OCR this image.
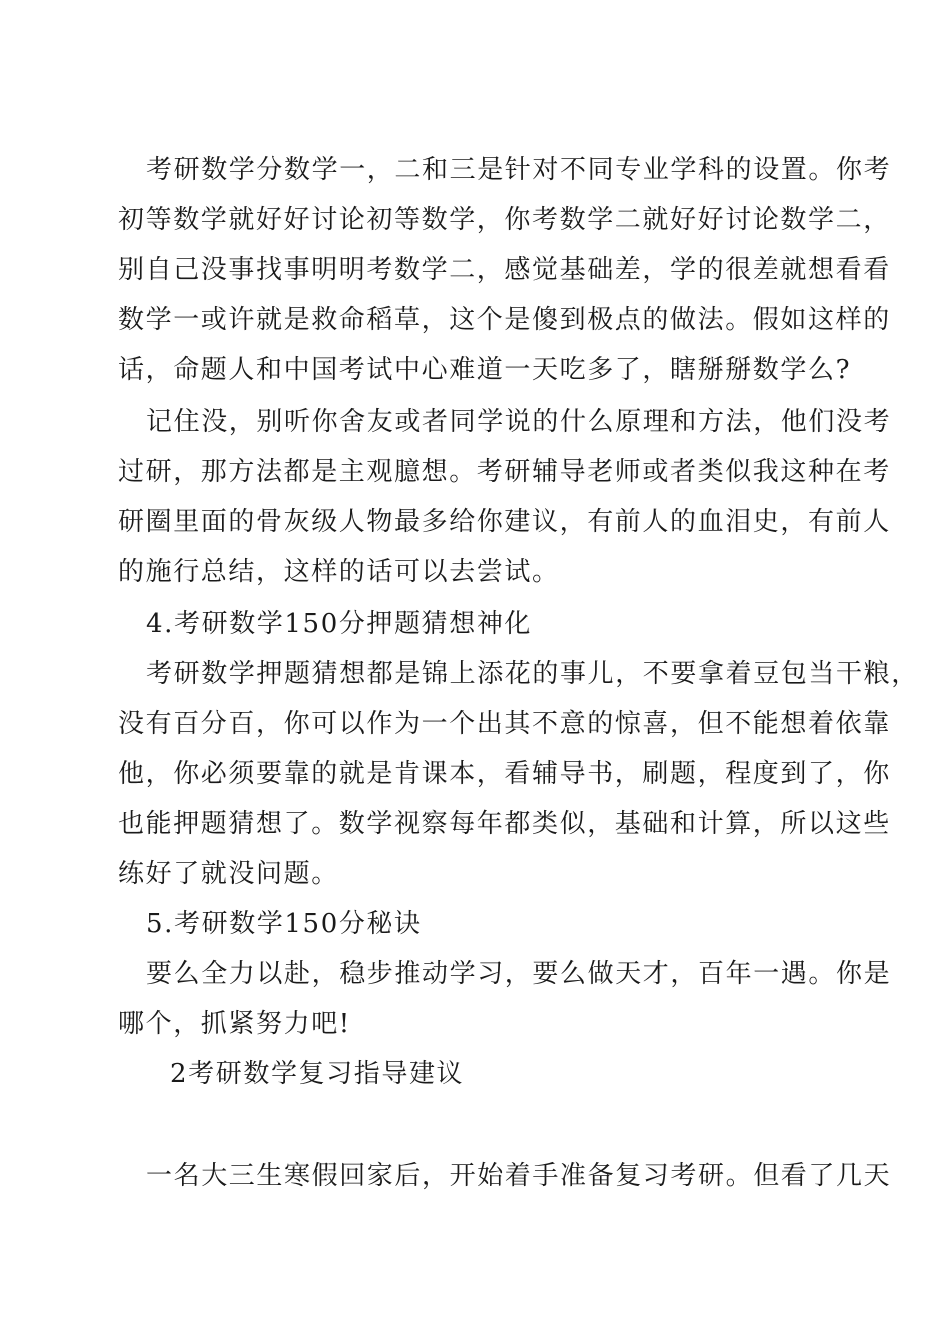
考研数学分数学一，二和三是针对不同专业学科的设置。你考
初等数学就好好讨论初等数学，你考数学二就好好讨论数学二，
别自己没事找事明明考数学二，感觉基础差，学的很差就想看看
数学一或许就是救命稻草，这个是傻到极点的做法。假如这样的
话，命题人和中国考试中心难道一天吃多了，瞎掰掰数学么?
记住没，别听你舍友或者同学说的什么原理和方法，他们没考
过研，那方法都是主观臆想。考研辅导老师或者类似我这种在考
研圈里面的骨灰级人物最多给你建议，有前人的血泪史，有前人
的施行总结，这样的话可以去尝试。
4.考研数学150分押题猜想神化
考研数学押题猜想都是锦上添花的事儿，不要拿着豆包当干粮，
没有百分百，你可以作为一个出其不意的惊喜，但不能想着依靠
他，你必须要靠的就是肯课本，看辅导书，刷题，程度到了，你
也能押题猜想了。数学视察每年都类似，基础和计算，所以这些
练好了就没问题。
5.考研数学150分秘诀
要么全力以赴，稳步推动学习，要么做天才，百年一遇。你是
哪个，抓紧努力吧!
2考研数学复习指导建议
一名大三生寒假回家后，开始着手准备复习考研。但看了几天
